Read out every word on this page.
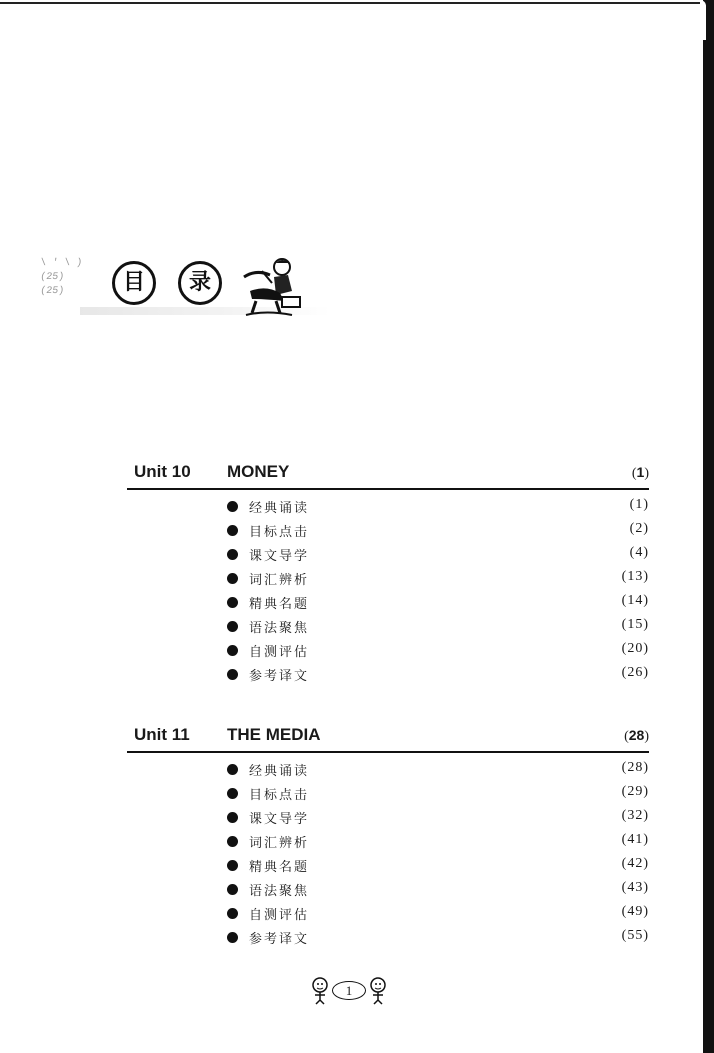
\ ' \ )
(25)
(25)	目	录
Unit 10 MONEY	(1)
经典诵读	(1)
目标点击	(2)
课文导学	(4)
词汇辨析	(13)
精典名题	(14)
语法聚焦	(15)
自测评估	(20)
参考译文	(26)
Unit 11 THE MEDIA	(28)
经典诵读	(28)
目标点击	(29)
课文导学	(32)
词汇辨析	(41)
精典名题	(42)
语法聚焦	(43)
自测评估	(49)
参考译文	(55)
1
